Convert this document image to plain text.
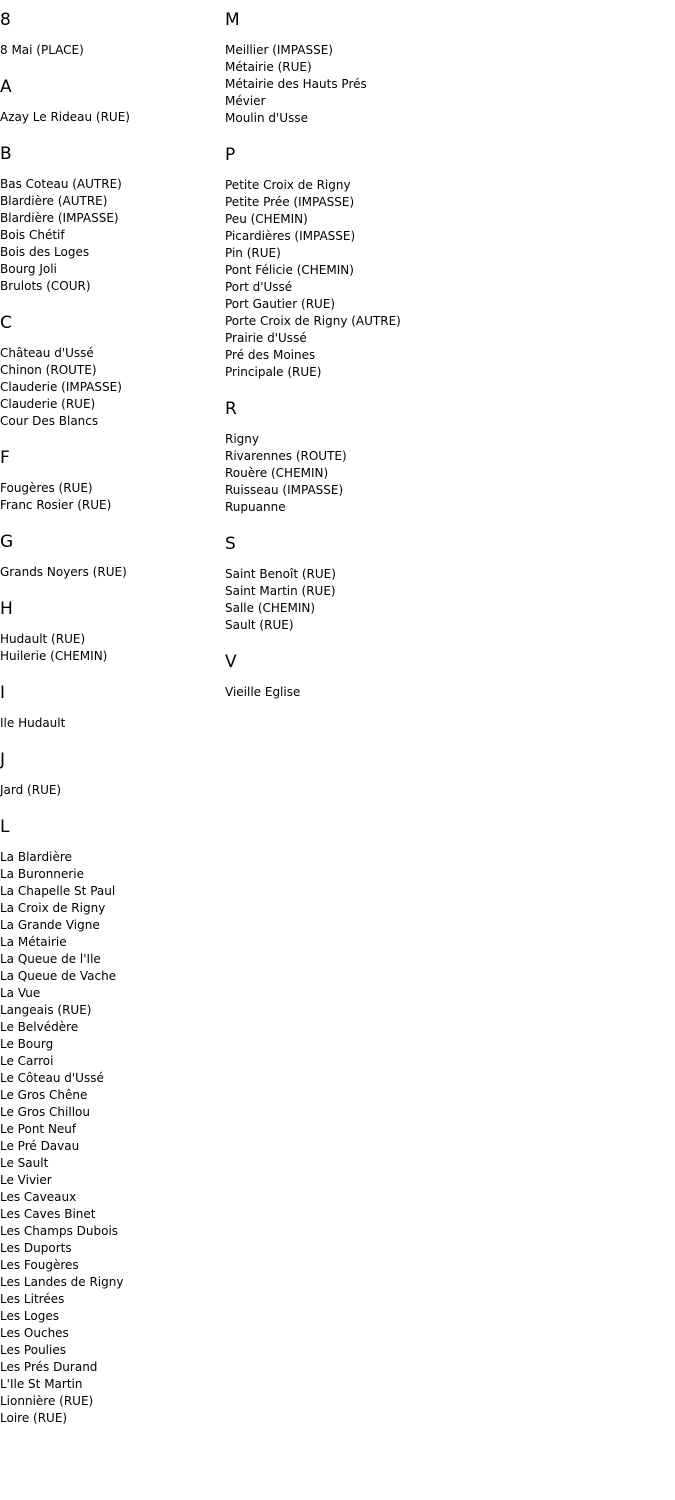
8
8 Mai (PLACE)
A
Azay Le Rideau (RUE)
B
Bas Coteau (AUTRE)
Blardière (AUTRE)
Blardière (IMPASSE)
Bois Chétif
Bois des Loges
Bourg Joli
Brulots (COUR)
C
Château d'Ussé
Chinon (ROUTE)
Clauderie (IMPASSE)
Clauderie (RUE)
Cour Des Blancs
F
Fougères (RUE)
Franc Rosier (RUE)
G
Grands Noyers (RUE)
H
Hudault (RUE)
Huilerie (CHEMIN)
I
Ile Hudault
J
Jard (RUE)
L
La Blardière
La Buronnerie
La Chapelle St Paul
La Croix de Rigny
La Grande Vigne
La Métairie
La Queue de l'Ile
La Queue de Vache
La Vue
Langeais (RUE)
Le Belvédère
Le Bourg
Le Carroi
Le Côteau d'Ussé
Le Gros Chêne
Le Gros Chillou
Le Pont Neuf
Le Pré Davau
Le Sault
Le Vivier
Les Caveaux
Les Caves Binet
Les Champs Dubois
Les Duports
Les Fougères
Les Landes de Rigny
Les Litrées
Les Loges
Les Ouches
Les Poulies
Les Prés Durand
L'Ile St Martin
Lionnière (RUE)
Loire (RUE)
M
Meillier (IMPASSE)
Métairie (RUE)
Métairie des Hauts Prés
Mévier
Moulin d'Usse
P
Petite Croix de Rigny
Petite Prée (IMPASSE)
Peu (CHEMIN)
Picardières (IMPASSE)
Pin (RUE)
Pont Félicie (CHEMIN)
Port d'Ussé
Port Gautier (RUE)
Porte Croix de Rigny (AUTRE)
Prairie d'Ussé
Pré des Moines
Principale (RUE)
R
Rigny
Rivarennes (ROUTE)
Rouère (CHEMIN)
Ruisseau (IMPASSE)
Rupuanne
S
Saint Benoît (RUE)
Saint Martin (RUE)
Salle (CHEMIN)
Sault (RUE)
V
Vieille Eglise
